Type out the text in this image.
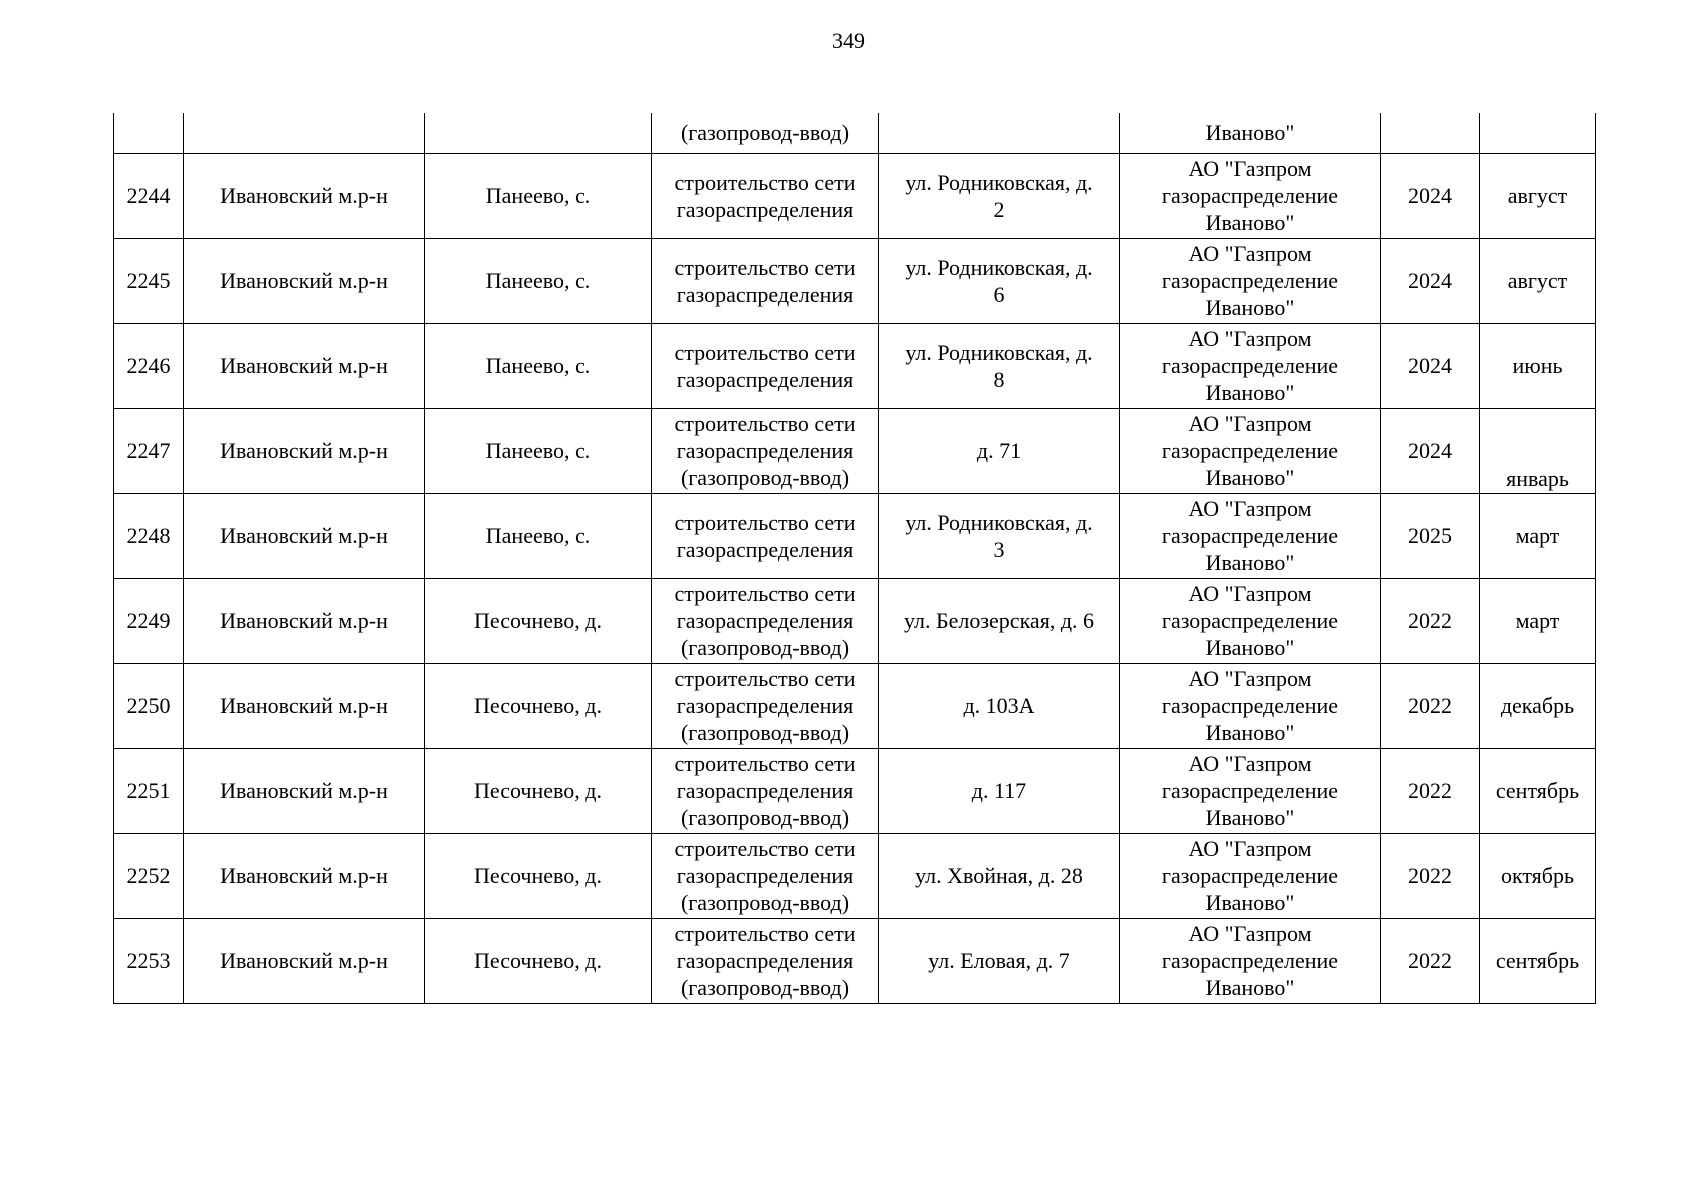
349
			(газопровод-ввод)		Иваново"		
2244	Ивановский м.р-н	Панеево, с.	строительство сети
газораспределения	ул. Родниковская, д.
2	АО "Газпром
газораспределение
Иваново"	2024	август
2245	Ивановский м.р-н	Панеево, с.	строительство сети
газораспределения	ул. Родниковская, д.
6	АО "Газпром
газораспределение
Иваново"	2024	август
2246	Ивановский м.р-н	Панеево, с.	строительство сети
газораспределения	ул. Родниковская, д.
8	АО "Газпром
газораспределение
Иваново"	2024	июнь
2247	Ивановский м.р-н	Панеево, с.	строительство сети
газораспределения
(газопровод-ввод)	д. 71	АО "Газпром
газораспределение
Иваново"	2024	январь
2248	Ивановский м.р-н	Панеево, с.	строительство сети
газораспределения	ул. Родниковская, д.
3	АО "Газпром
газораспределение
Иваново"	2025	март
2249	Ивановский м.р-н	Песочнево, д.	строительство сети
газораспределения
(газопровод-ввод)	ул. Белозерская, д. 6	АО "Газпром
газораспределение
Иваново"	2022	март
2250	Ивановский м.р-н	Песочнево, д.	строительство сети
газораспределения
(газопровод-ввод)	д. 103А	АО "Газпром
газораспределение
Иваново"	2022	декабрь
2251	Ивановский м.р-н	Песочнево, д.	строительство сети
газораспределения
(газопровод-ввод)	д. 117	АО "Газпром
газораспределение
Иваново"	2022	сентябрь
2252	Ивановский м.р-н	Песочнево, д.	строительство сети
газораспределения
(газопровод-ввод)	ул. Хвойная, д. 28	АО "Газпром
газораспределение
Иваново"	2022	октябрь
2253	Ивановский м.р-н	Песочнево, д.	строительство сети
газораспределения
(газопровод-ввод)	ул. Еловая, д. 7	АО "Газпром
газораспределение
Иваново"	2022	сентябрь
